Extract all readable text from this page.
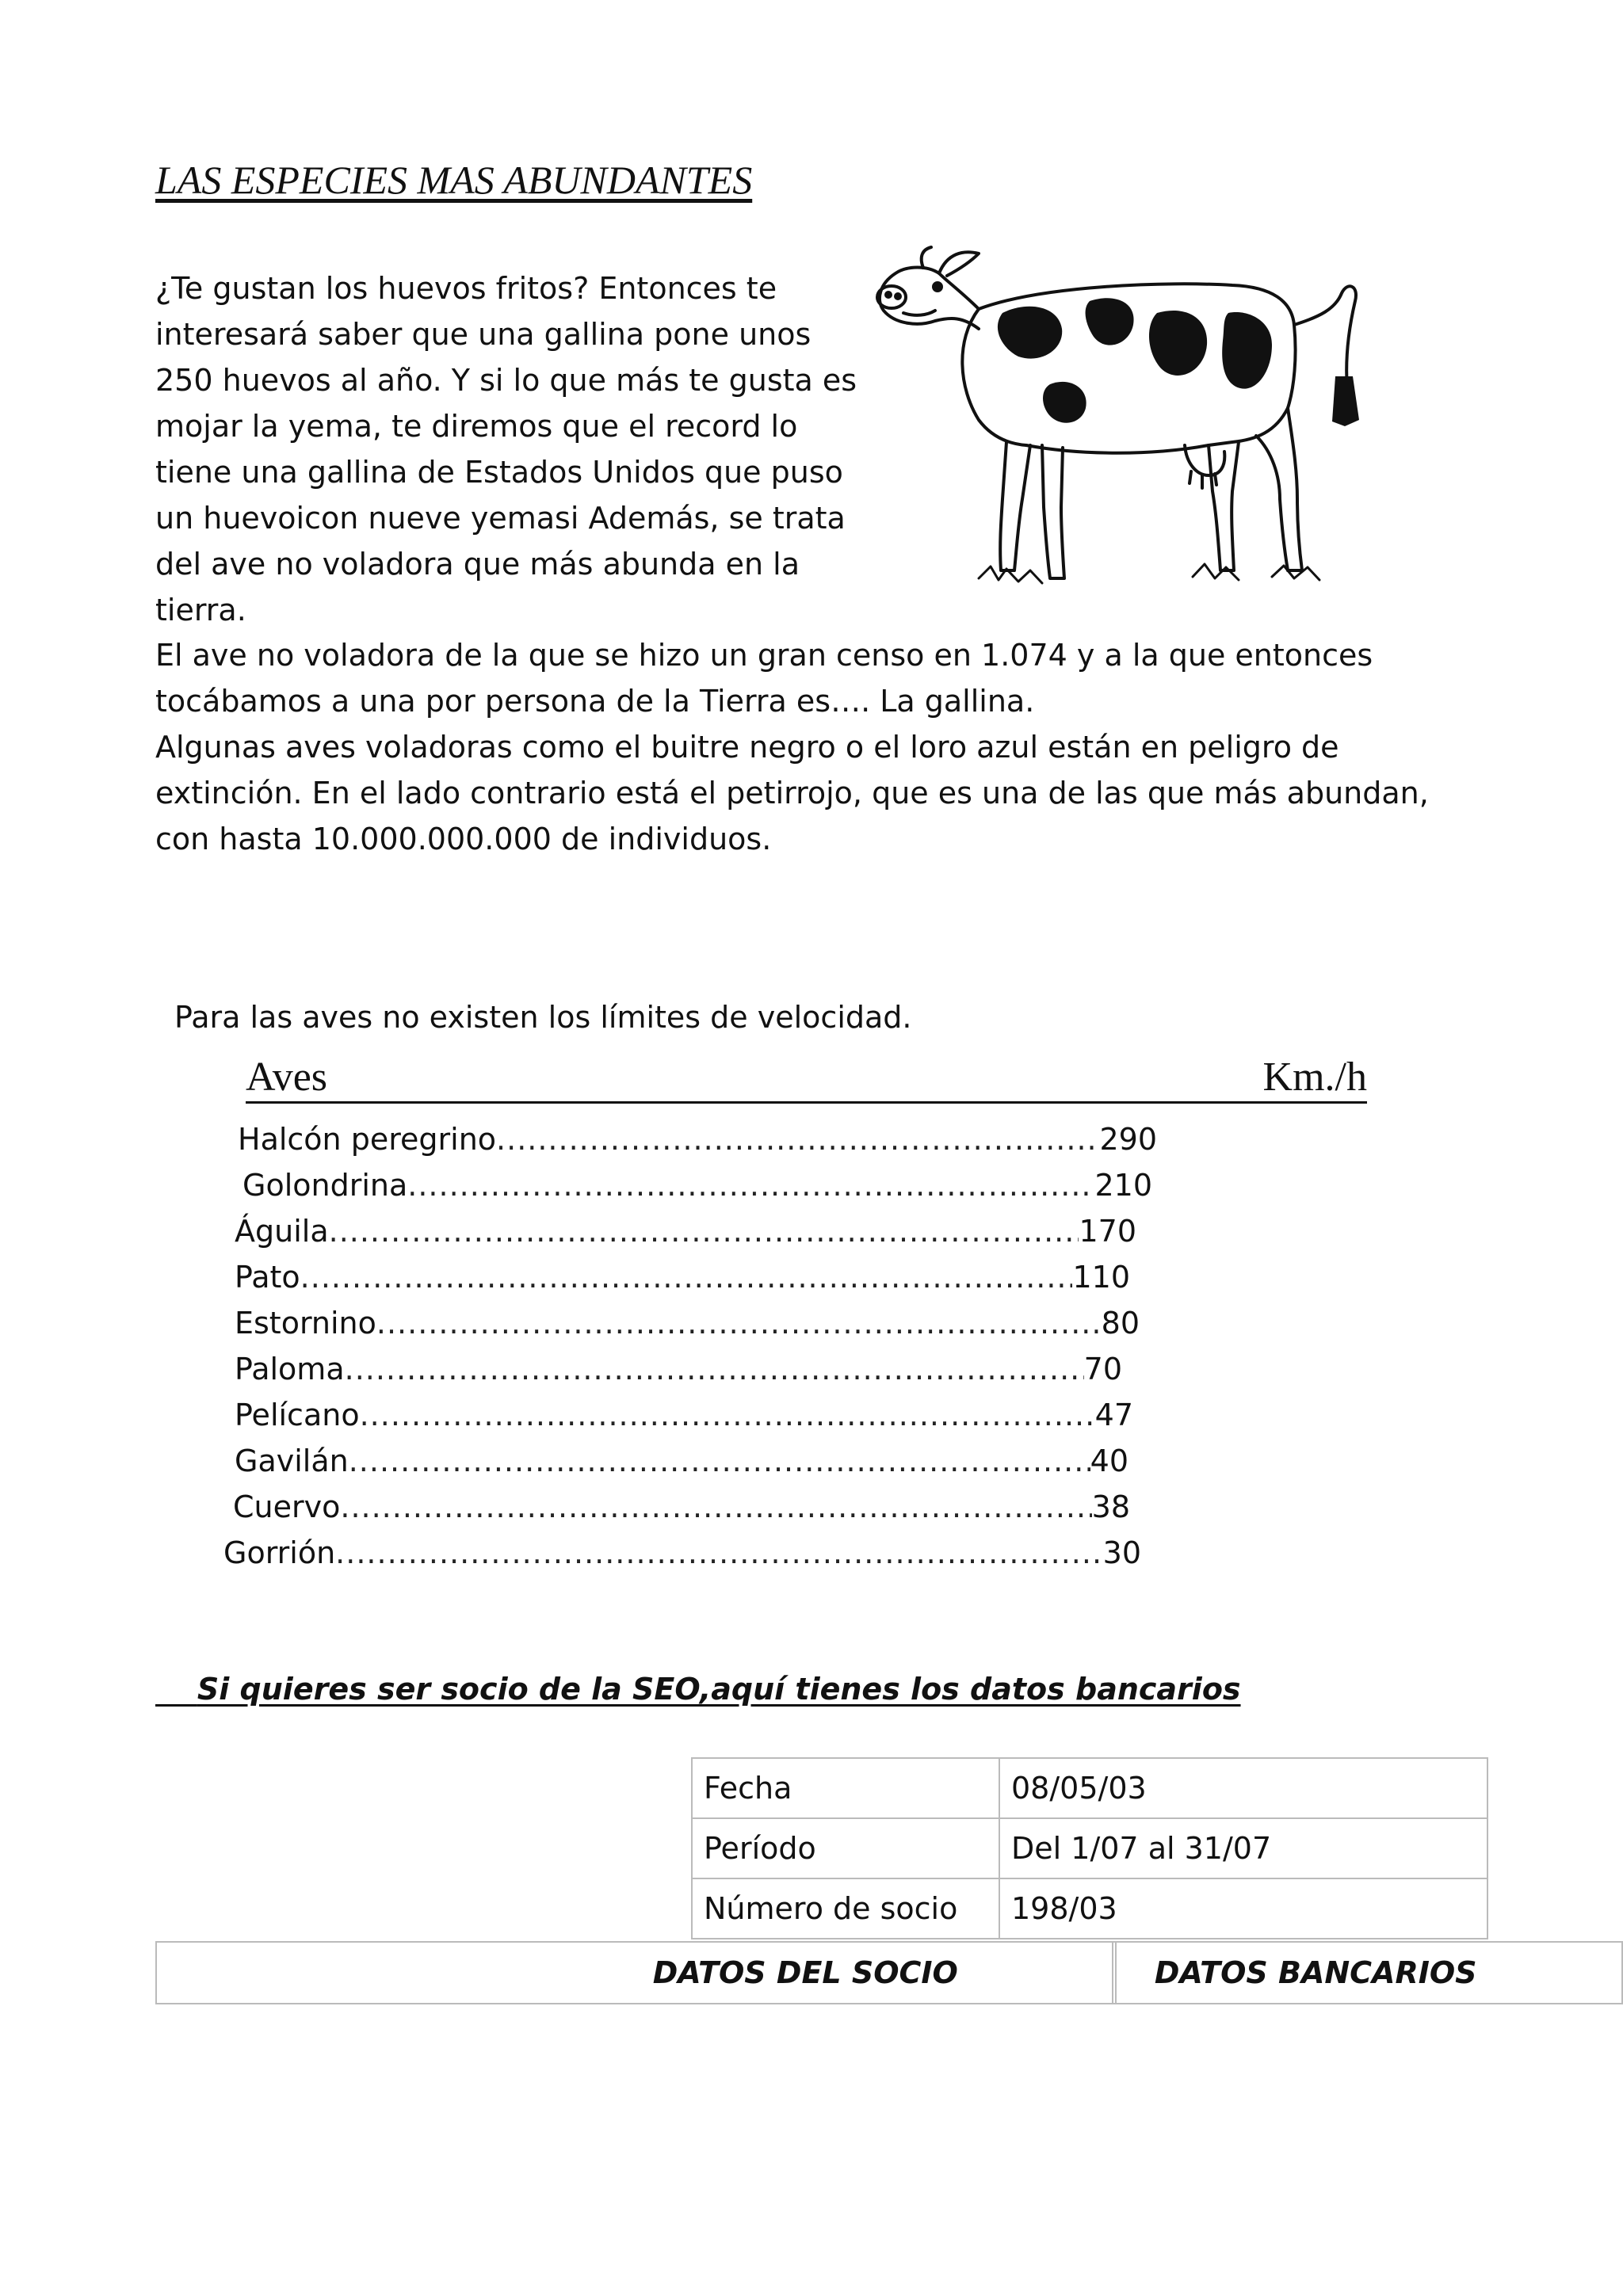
LAS ESPECIES MAS ABUNDANTES
¿Te gustan los huevos fritos? Entonces te
interesará saber que una gallina pone unos
250 huevos al año. Y si lo que más te gusta es
mojar la yema, te diremos que el record lo
tiene una gallina de Estados Unidos que puso
un huevoicon nueve yemasi Además, se trata
del ave no voladora que más abunda en la
tierra.
El ave no voladora de la que se hizo un gran censo en 1.074 y a la que entonces
tocábamos a una por persona de la Tierra es…. La gallina.
Algunas aves voladoras como el buitre negro o el loro azul están en peligro de
extinción. En el lado contrario está el petirrojo, que es una de las que más abundan,
con hasta 10.000.000.000 de individuos.
Para las aves no existen los límites de velocidad.
Aves	Km./h
Halcón peregrino .....	290
Golondrina .....	210
Águila .....	170
Pato .....	110
Estornino .....	80
Paloma .....	70
Pelícano .....	47
Gavilán .....	40
Cuervo .....	38
Gorrión .....	30
Si quieres ser socio de la SEO,aquí tienes los datos bancarios
Fecha	08/05/03
Período	Del 1/07 al 31/07
Número de socio	198/03
DATOS DEL SOCIO		DATOS BANCARIOS
